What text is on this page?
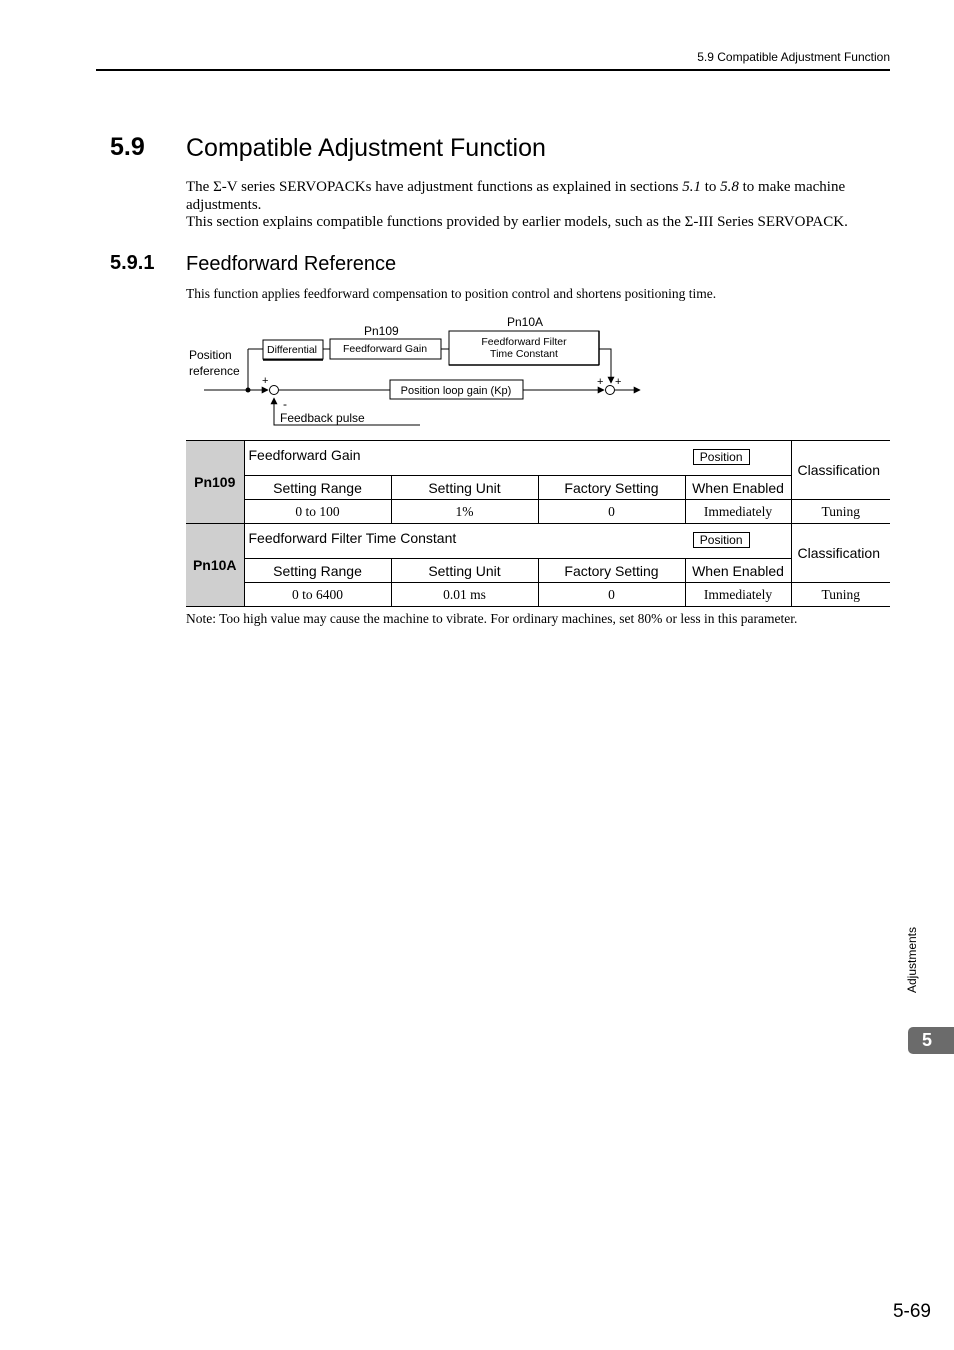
5.9 Compatible Adjustment Function
5.9 Compatible Adjustment Function
The Σ-V series SERVOPACKs have adjustment functions as explained in sections 5.1 to 5.8 to make machine adjustments.
This section explains compatible functions provided by earlier models, such as the Σ-III Series SERVOPACK.
5.9.1 Feedforward Reference
This function applies feedforward compensation to position control and shortens positioning time.
Pn109
Pn10A
Position
reference
Differential Feedforward Gain
Feedforward Filter
Time Constant
+
-
Position loop gain (Kp)
+ +
Feedback pulse
Pn109	Feedforward Gain Position				Classification
	Setting Range	Setting Unit	Factory Setting	When Enabled	
	0 to 100	1%	0	Immediately	Tuning
Pn10A	Feedforward Filter Time Constant Position				Classification
	Setting Range	Setting Unit	Factory Setting	When Enabled	
	0 to 6400	0.01 ms	0	Immediately	Tuning
Note: Too high value may cause the machine to vibrate. For ordinary machines, set 80% or less in this parameter.
Adjustments
5
5-69
